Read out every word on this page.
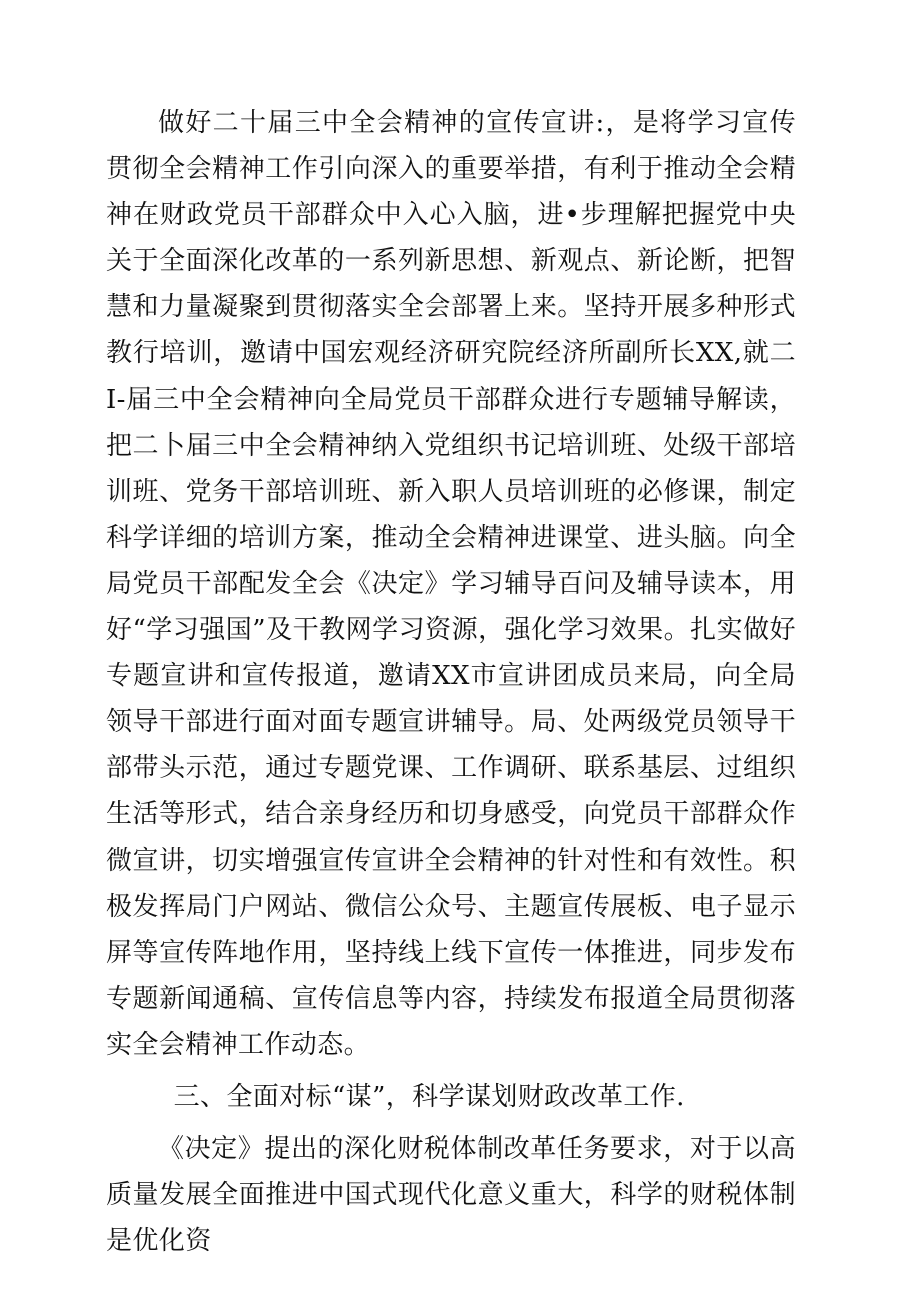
做好二十届三中全会精神的宣传宣讲:，是将学习宣传贯彻全会精神工作引向深入的重要举措，有利于推动全会精神在财政党员干部群众中入心入脑，进•步理解把握党中央关于全面深化改革的一系列新思想、新观点、新论断，把智慧和力量凝聚到贯彻落实全会部署上来。坚持开展多种形式教行培训，邀请中国宏观经济研究院经济所副所长XX,就二I-届三中全会精神向全局党员干部群众进行专题辅导解读，把二卜届三中全会精神纳入党组织书记培训班、处级干部培训班、党务干部培训班、新入职人员培训班的必修课，制定科学详细的培训方案，推动全会精神进课堂、进头脑。向全局党员干部配发全会《决定》学习辅导百问及辅导读本，用好“学习强国”及干教网学习资源，强化学习效果。扎实做好专题宣讲和宣传报道，邀请XX市宣讲团成员来局，向全局领导干部进行面对面专题宣讲辅导。局、处两级党员领导干部带头示范，通过专题党课、工作调研、联系基层、过组织生活等形式，结合亲身经历和切身感受，向党员干部群众作微宣讲，切实增强宣传宣讲全会精神的针对性和有效性。积极发挥局门户网站、微信公众号、主题宣传展板、电子显示屏等宣传阵地作用，坚持线上线下宣传一体推进，同步发布专题新闻通稿、宣传信息等内容，持续发布报道全局贯彻落实全会精神工作动态。

三、全面对标“谋”，科学谋划财政改革工作.

《决定》提出的深化财税体制改革任务要求，对于以高质量发展全面推进中国式现代化意义重大，科学的财税体制是优化资
